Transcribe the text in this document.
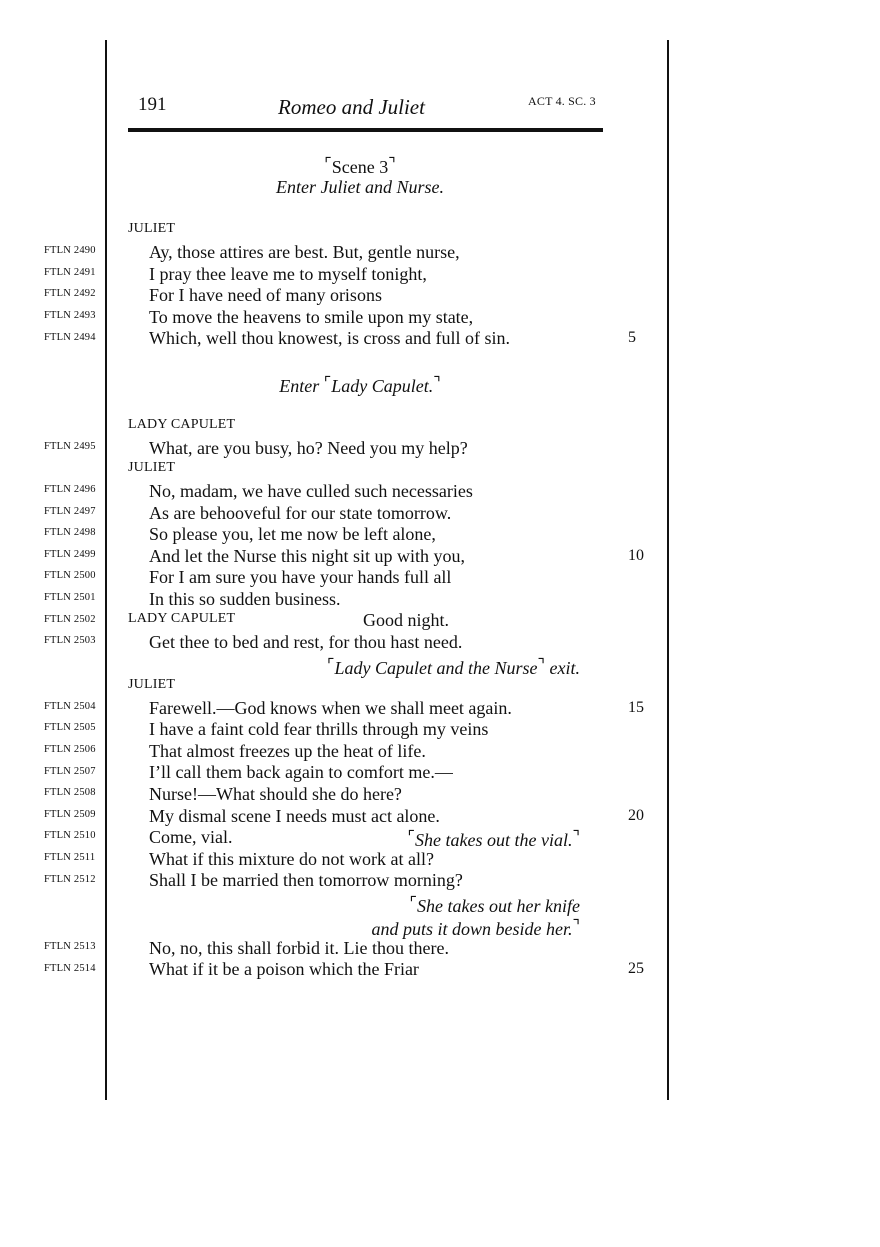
191	Romeo and Juliet	ACT 4. SC. 3
⌜Scene 3⌝
Enter Juliet and Nurse.
JULIET
FTLN 2490	Ay, those attires are best. But, gentle nurse,
FTLN 2491	I pray thee leave me to myself tonight,
FTLN 2492	For I have need of many orisons
FTLN 2493	To move the heavens to smile upon my state,
FTLN 2494	Which, well thou knowest, is cross and full of sin.	5
Enter ⌜Lady Capulet.⌝
LADY CAPULET
FTLN 2495	What, are you busy, ho? Need you my help?
JULIET
FTLN 2496	No, madam, we have culled such necessaries
FTLN 2497	As are behooveful for our state tomorrow.
FTLN 2498	So please you, let me now be left alone,
FTLN 2499	And let the Nurse this night sit up with you,	10
FTLN 2500	For I am sure you have your hands full all
FTLN 2501	In this so sudden business.
FTLN 2502 LADY CAPULET	Good night.
FTLN 2503	Get thee to bed and rest, for thou hast need.
⌜Lady Capulet and the Nurse⌝ exit.
JULIET
FTLN 2504	Farewell.—God knows when we shall meet again.	15
FTLN 2505	I have a faint cold fear thrills through my veins
FTLN 2506	That almost freezes up the heat of life.
FTLN 2507	I’ll call them back again to comfort me.—
FTLN 2508	Nurse!—What should she do here?
FTLN 2509	My dismal scene I needs must act alone.	20
FTLN 2510	Come, vial.	⌜She takes out the vial.⌝
FTLN 2511	What if this mixture do not work at all?
FTLN 2512	Shall I be married then tomorrow morning?
⌜She takes out her knife
and puts it down beside her.⌝
FTLN 2513	No, no, this shall forbid it. Lie thou there.
FTLN 2514	What if it be a poison which the Friar	25
